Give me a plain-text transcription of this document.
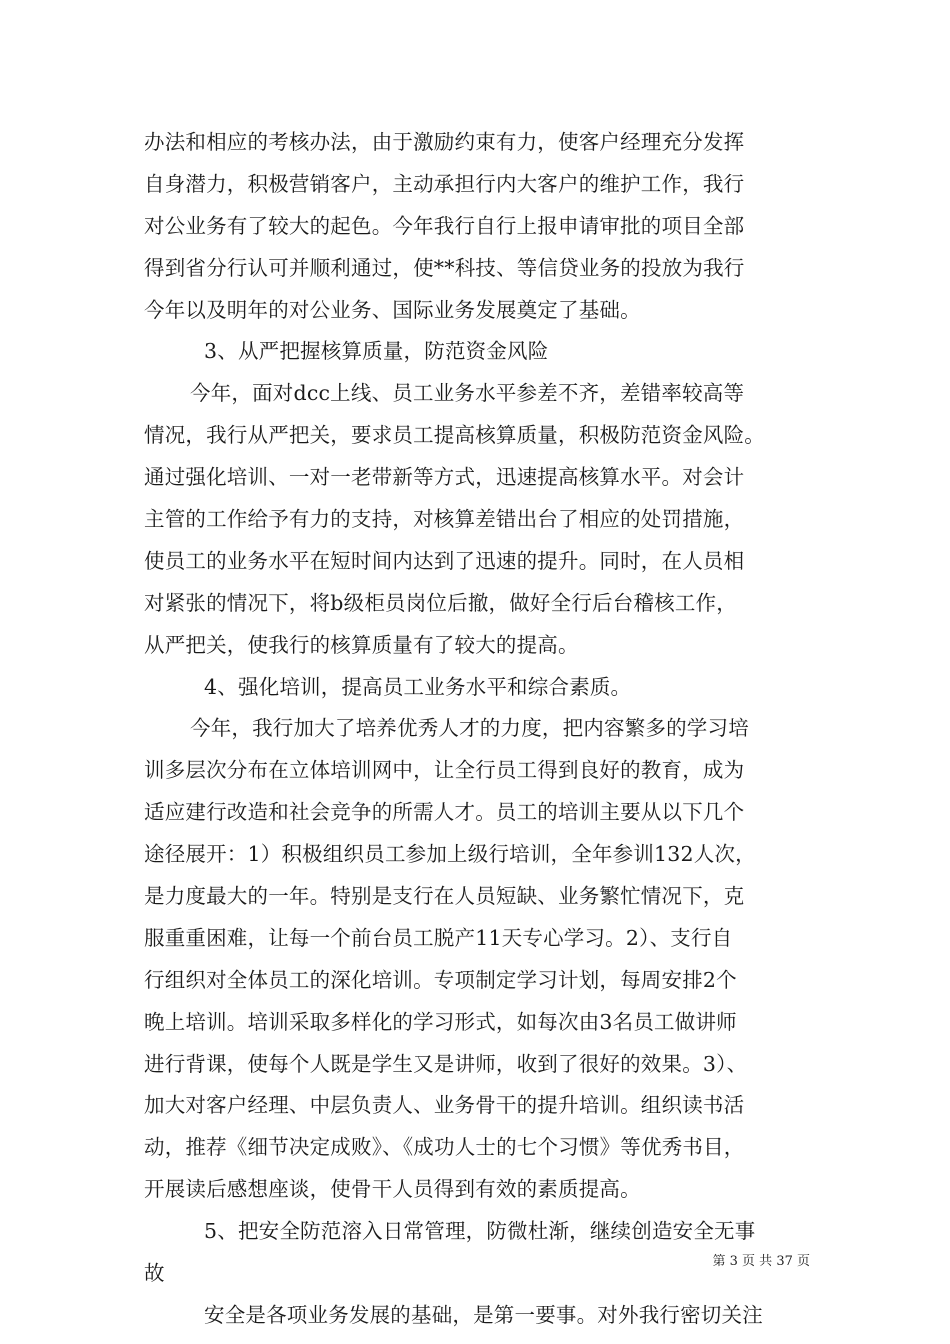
办法和相应的考核办法，由于激励约束有力，使客户经理充分发挥
自身潜力，积极营销客户，主动承担行内大客户的维护工作，我行
对公业务有了较大的起色。今年我行自行上报申请审批的项目全部
得到省分行认可并顺利通过，使**科技、等信贷业务的投放为我行
今年以及明年的对公业务、国际业务发展奠定了基础。
3、从严把握核算质量，防范资金风险
今年，面对dcc上线、员工业务水平参差不齐，差错率较高等
情况，我行从严把关，要求员工提高核算质量，积极防范资金风险。
通过强化培训、一对一老带新等方式，迅速提高核算水平。对会计
主管的工作给予有力的支持，对核算差错出台了相应的处罚措施，
使员工的业务水平在短时间内达到了迅速的提升。同时，在人员相
对紧张的情况下，将b级柜员岗位后撤，做好全行后台稽核工作，
从严把关，使我行的核算质量有了较大的提高。
4、强化培训，提高员工业务水平和综合素质。
今年，我行加大了培养优秀人才的力度，把内容繁多的学习培
训多层次分布在立体培训网中，让全行员工得到良好的教育，成为
适应建行改造和社会竞争的所需人才。员工的培训主要从以下几个
途径展开：1）积极组织员工参加上级行培训，全年参训132人次，
是力度最大的一年。特别是支行在人员短缺、业务繁忙情况下，克
服重重困难，让每一个前台员工脱产11天专心学习。2）、支行自
行组织对全体员工的深化培训。专项制定学习计划，每周安排2个
晚上培训。培训采取多样化的学习形式，如每次由3名员工做讲师
进行背课，使每个人既是学生又是讲师，收到了很好的效果。3）、
加大对客户经理、中层负责人、业务骨干的提升培训。组织读书活
动，推荐《细节决定成败》、《成功人士的七个习惯》等优秀书目，
开展读后感想座谈，使骨干人员得到有效的素质提高。
5、把安全防范溶入日常管理，防微杜渐，继续创造安全无事
故
安全是各项业务发展的基础，是第一要事。对外我行密切关注
第 3 页 共 37 页
